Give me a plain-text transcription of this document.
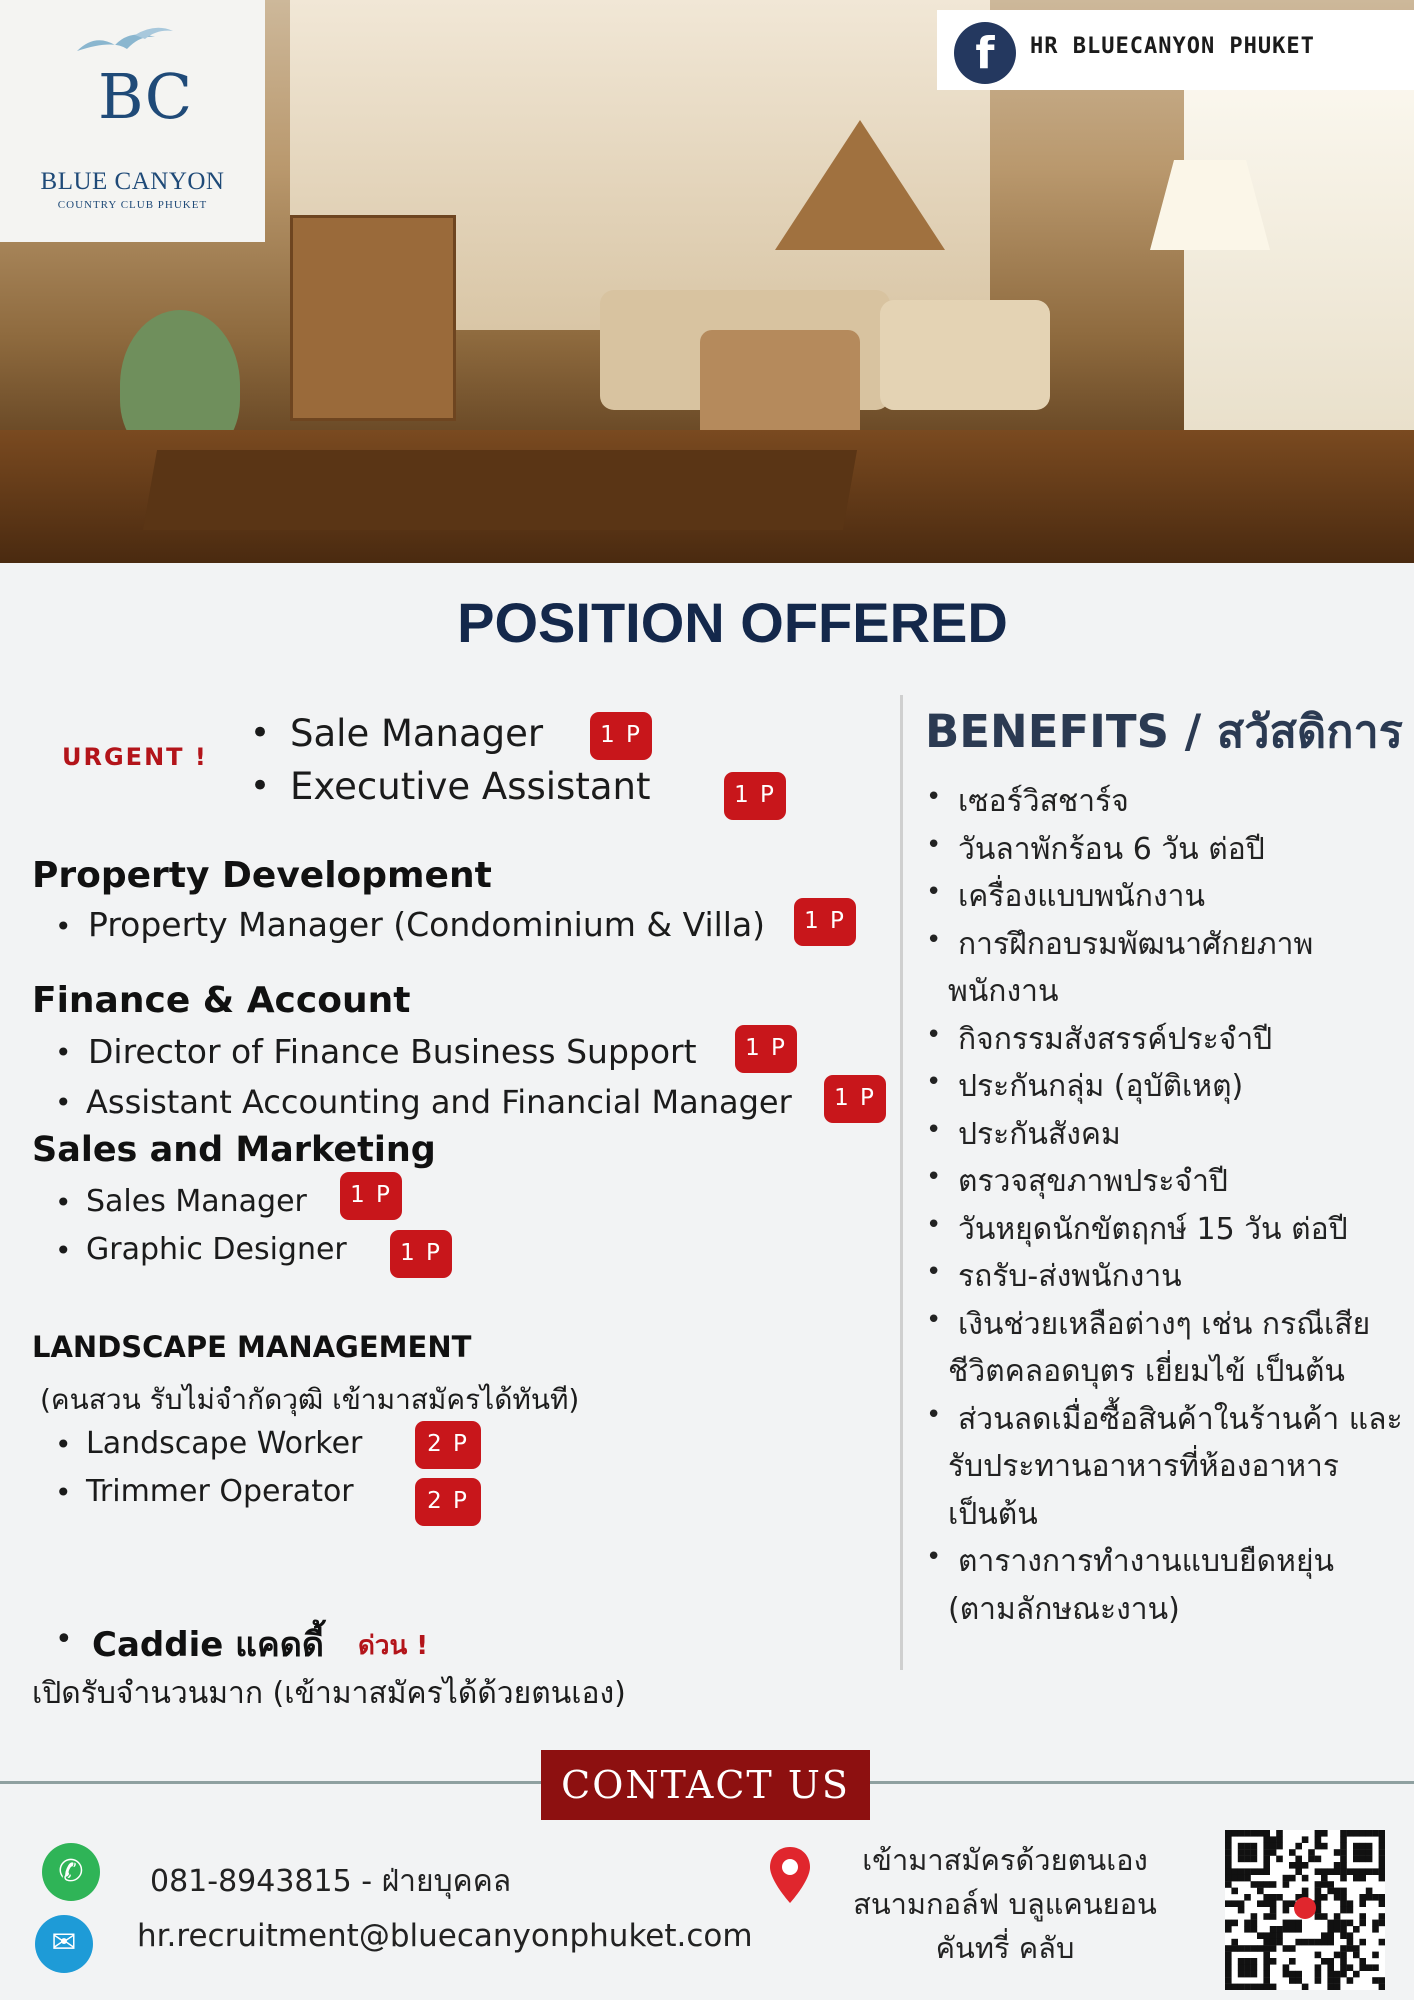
BC
BLUE CANYON
COUNTRY CLUB PHUKET
f	HR BLUECANYON PHUKET
POSITION OFFERED
URGENT !
• Sale Manager	1 P
• Executive Assistant	1 P
Property Development
• Property Manager (Condominium & Villa)	1 P
Finance & Account
• Director of Finance Business Support	1 P
• Assistant Accounting and Financial Manager	1 P
Sales and Marketing
• Sales Manager	1 P
• Graphic Designer	1 P
LANDSCAPE MANAGEMENT
(คนสวน รับไม่จำกัดวุฒิ เข้ามาสมัครได้ทันที)
• Landscape Worker	2 P
• Trimmer Operator	2 P
• Caddie แคดดี้ ด่วน !
เปิดรับจำนวนมาก (เข้ามาสมัครได้ด้วยตนเอง)
BENEFITS / สวัสดิการ
• เซอร์วิสชาร์จ
• วันลาพักร้อน 6 วัน ต่อปี
• เครื่องแบบพนักงาน
• การฝึกอบรมพัฒนาศักยภาพ
พนักงาน
• กิจกรรมสังสรรค์ประจำปี
• ประกันกลุ่ม (อุบัติเหตุ)
• ประกันสังคม
• ตรวจสุขภาพประจำปี
• วันหยุดนักขัตฤกษ์ 15 วัน ต่อปี
• รถรับ-ส่งพนักงาน
• เงินช่วยเหลือต่างๆ เช่น กรณีเสีย
ชีวิตคลอดบุตร เยี่ยมไข้ เป็นต้น
• ส่วนลดเมื่อซื้อสินค้าในร้านค้า และ
รับประทานอาหารที่ห้องอาหาร
เป็นต้น
• ตารางการทำงานแบบยืดหยุ่น
(ตามลักษณะงาน)
CONTACT US
✆	081-8943815 - ฝ่ายบุคคล
✉	hr.recruitment@bluecanyonphuket.com
เข้ามาสมัครด้วยตนเอง
สนามกอล์ฟ บลูแคนยอน
คันทรี่ คลับ
